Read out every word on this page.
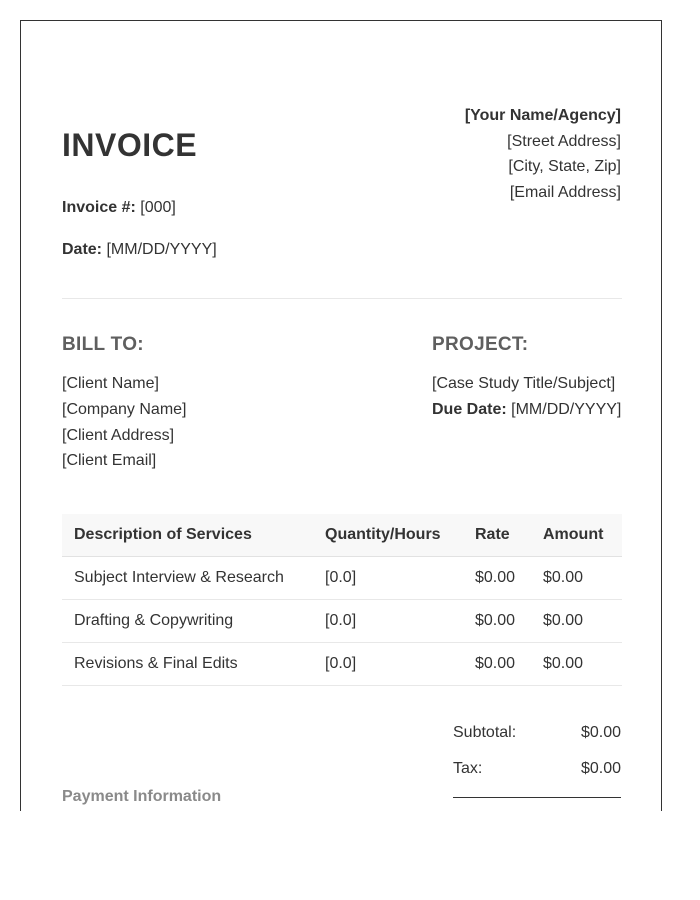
INVOICE
Invoice #: [000]
Date: [MM/DD/YYYY]
[Your Name/Agency]
[Street Address]
[City, State, Zip]
[Email Address]
BILL TO:	PROJECT:
[Client Name]
[Company Name]
[Client Address]
[Client Email]
[Case Study Title/Subject]
Due Date: [MM/DD/YYYY]
Description of Services	Quantity/Hours	Rate	Amount
Subject Interview & Research	[0.0]	$0.00	$0.00
Drafting & Copywriting	[0.0]	$0.00	$0.00
Revisions & Final Edits	[0.0]	$0.00	$0.00
Subtotal:	$0.00
Tax:	$0.00
Payment Information
